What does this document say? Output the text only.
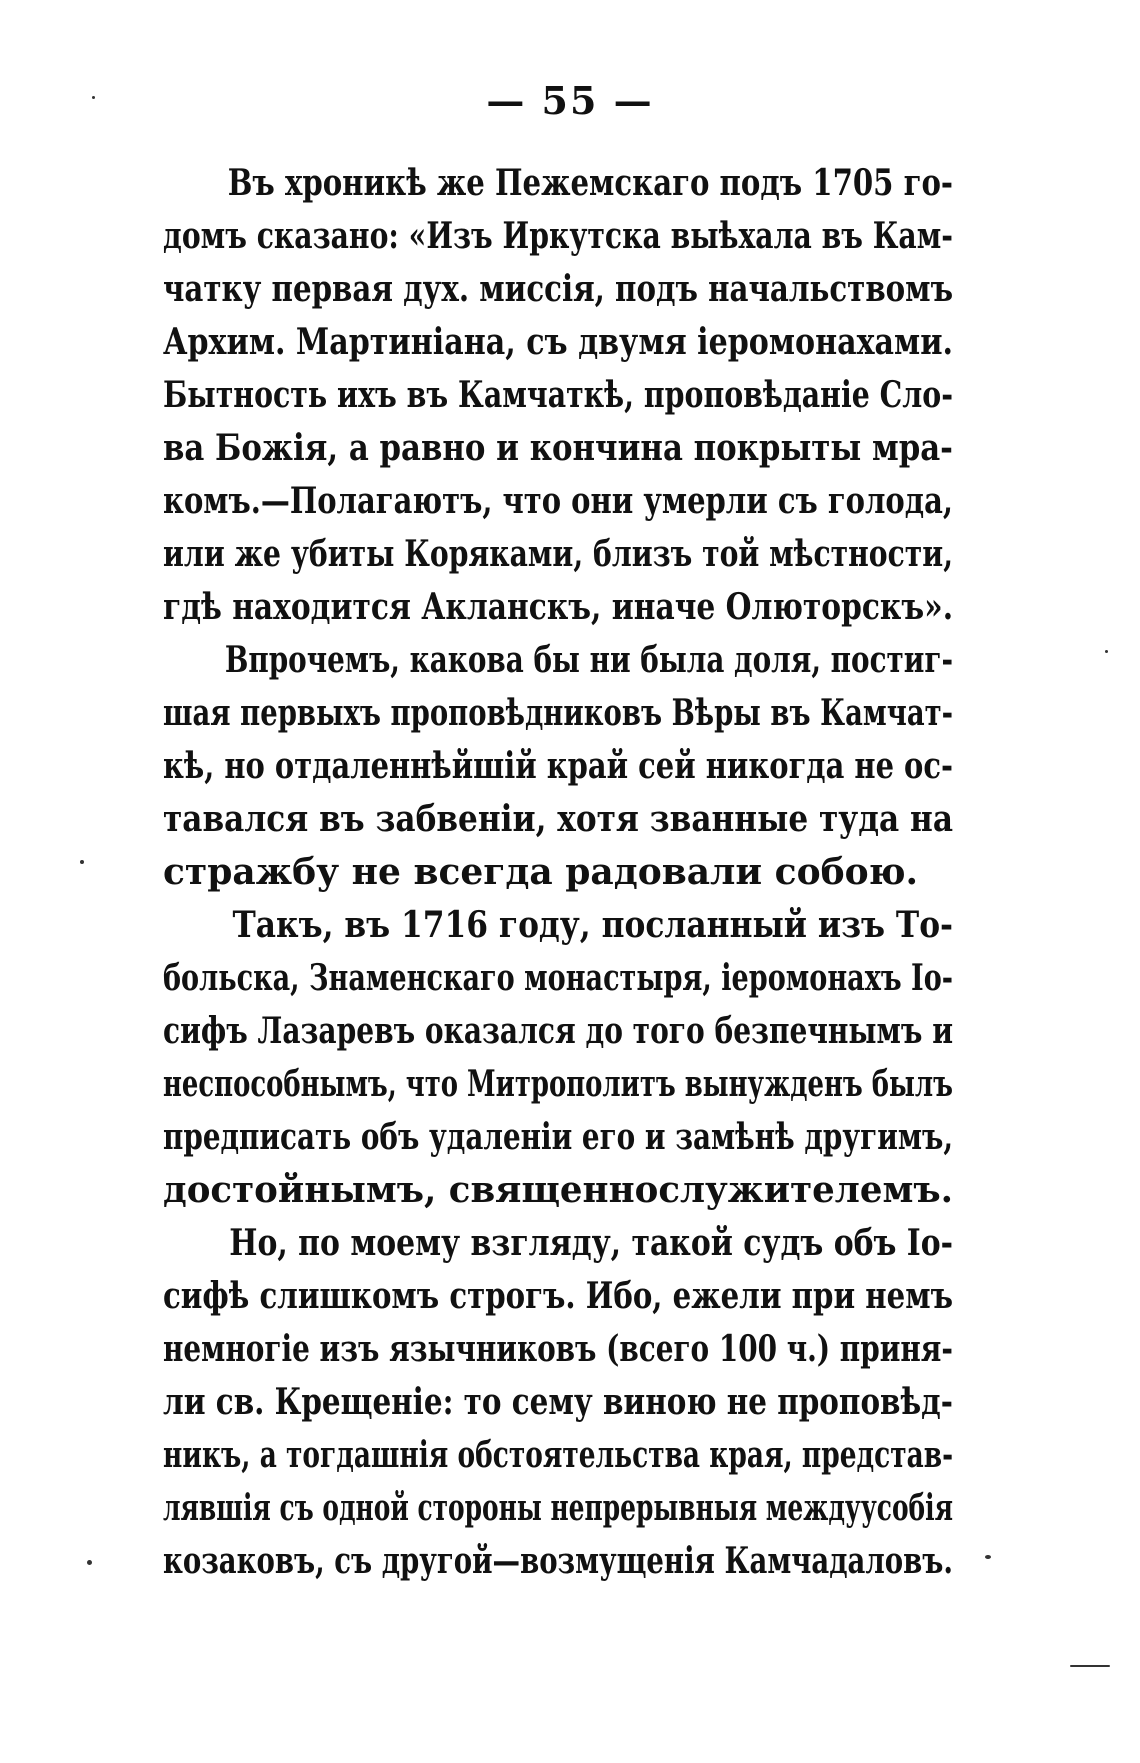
— 55 —
Въ хроникѣ же Пежемскаго подъ 1705 го-
домъ сказано: «Изъ Иркутска выѣхала въ Кам-
чатку первая дух. миссія, подъ начальствомъ
Архим. Мартиніана, съ двумя іеромонахами.
Бытность ихъ въ Камчаткѣ, проповѣданіе Сло-
ва Божія, а равно и кончина покрыты мра-
комъ.—Полагаютъ, что они умерли съ голода,
или же убиты Коряками, близъ той мѣстности,
гдѣ находится Акланскъ, иначе Олюторскъ».
Впрочемъ, какова бы ни была доля, постиг-
шая первыхъ проповѣдниковъ Вѣры въ Камчат-
кѣ, но отдаленнѣйшій край сей никогда не ос-
тавался въ забвеніи, хотя званные туда на
стражбу не всегда радовали собою.
Такъ, въ 1716 году, посланный изъ То-
больска, Знаменскаго монастыря, іеромонахъ Іо-
сифъ Лазаревъ оказался до того безпечнымъ и
неспособнымъ, что Митрополитъ вынужденъ былъ
предписать объ удаленіи его и замѣнѣ другимъ,
достойнымъ, священнослужителемъ.
Но, по моему взгляду, такой судъ объ Іо-
сифѣ слишкомъ строгъ. Ибо, ежели при немъ
немногіе изъ язычниковъ (всего 100 ч.) приня-
ли св. Крещеніе: то сему виною не проповѣд-
никъ, а тогдашнія обстоятельства края, представ-
лявшія съ одной стороны непрерывныя междуусобія
козаковъ, съ другой—возмущенія Камчадаловъ.
